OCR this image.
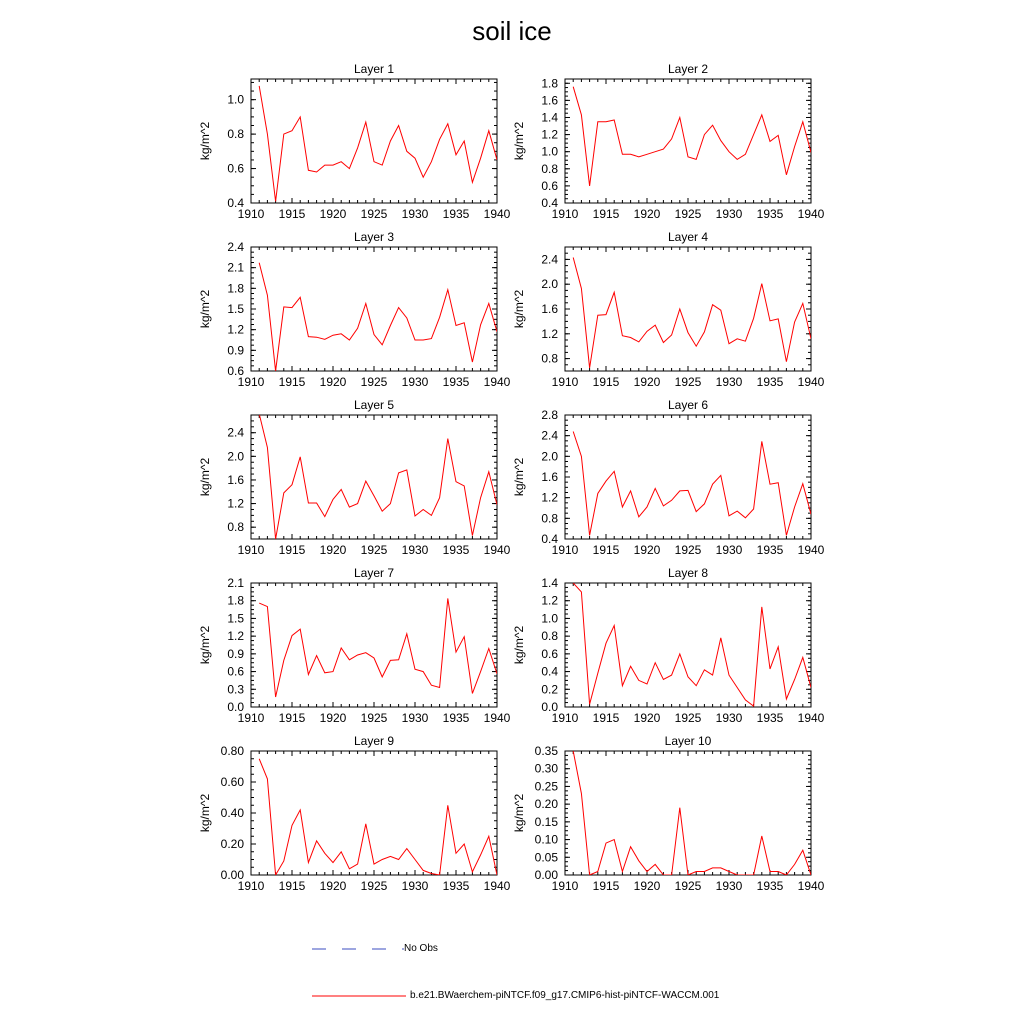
soil ice
Layer 1
kg/m^2
1910 1915 1920 1925 1930 1935 1940
0.4
0.6
0.8
1.0
Layer 2
kg/m^2
1910 1915 1920 1925 1930 1935 1940
0.4
0.6
0.8
1.0
1.2
1.4
1.6
1.8
Layer 3
kg/m^2
1910 1915 1920 1925 1930 1935 1940
0.6
0.9
1.2
1.5
1.8
2.1
2.4
Layer 4
kg/m^2
1910 1915 1920 1925 1930 1935 1940
0.8
1.2
1.6
2.0
2.4
Layer 5
kg/m^2
1910 1915 1920 1925 1930 1935 1940
0.8
1.2
1.6
2.0
2.4
Layer 6
kg/m^2
1910 1915 1920 1925 1930 1935 1940
0.4
0.8
1.2
1.6
2.0
2.4
2.8
Layer 7
kg/m^2
1910 1915 1920 1925 1930 1935 1940
0.0
0.3
0.6
0.9
1.2
1.5
1.8
2.1
Layer 8
kg/m^2
1910 1915 1920 1925 1930 1935 1940
0.0
0.2
0.4
0.6
0.8
1.0
1.2
1.4
Layer 9
kg/m^2
1910 1915 1920 1925 1930 1935 1940
0.00
0.20
0.40
0.60
0.80
Layer 10
kg/m^2
1910 1915 1920 1925 1930 1935 1940
0.00
0.05
0.10
0.15
0.20
0.25
0.30
0.35
No Obs
b.e21.BWaerchem-piNTCF.f09_g17.CMIP6-hist-piNTCF-WACCM.001
